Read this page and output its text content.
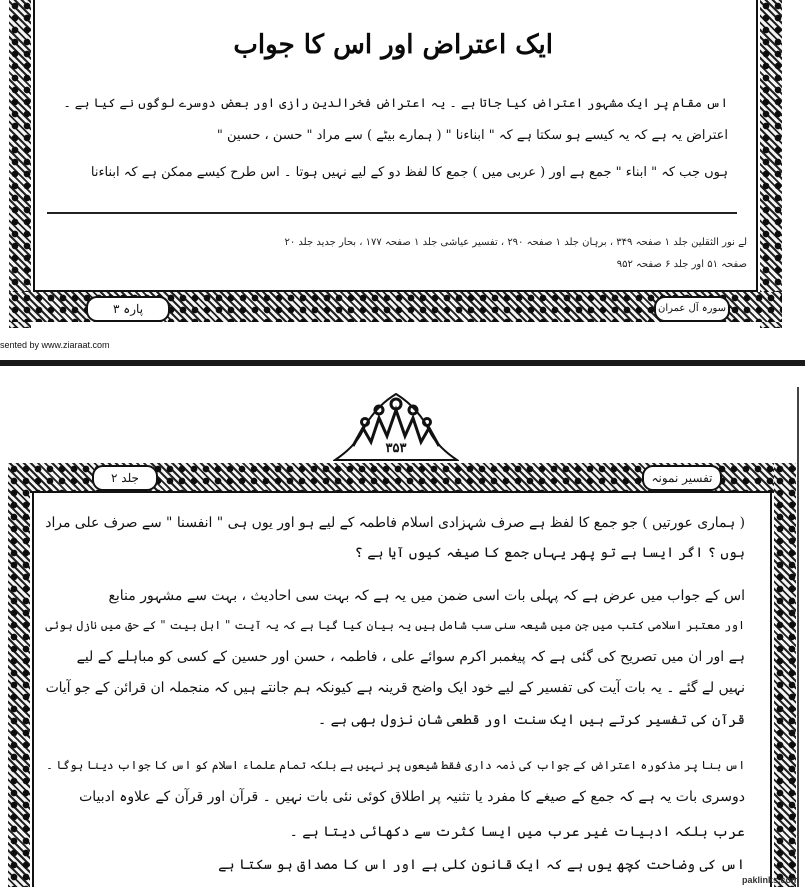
ایک اعتراض اور اس کا جواب
اس مقام پر ایک مشہور اعتراض کیا جاتا ہے ۔ یہ اعتراض فخرالدین رازی اور بعض دوسرے لوگوں نے کیا ہے ۔
اعتراض یہ ہے کہ یہ کیسے ہو سکتا ہے کہ " ابناءنا " ( ہمارے بیٹے ) سے مراد " حسن ، حسین "
ہوں جب کہ " ابناء " جمع ہے اور ( عربی میں ) جمع کا لفظ دو کے لیے نہیں ہوتا ۔ اس طرح کیسے ممکن ہے کہ ابناءنا
لے نور الثقلین جلد ۱ صفحہ ۳۴۹ ، برہان جلد ۱ صفحہ ۲۹۰ ، تفسیر عیاشی جلد ۱ صفحہ ۱۷۷ ، بحار جدید جلد ۲۰
صفحہ ۵۱ اور جلد ۶ صفحہ ۹۵۲
پارہ ۳	سورہ آل عمران
sented by www.ziaraat.com
۳۵۳
جلد ۲	تفسیر نمونہ
( ہماری عورتیں ) جو جمع کا لفظ ہے صرف شہزادی اسلام فاطمہ کے لیے ہو اور یوں ہی " انفسنا " سے صرف علی مراد
ہوں ؟ اگر ایسا ہے تو پھر یہاں جمع کا صیغہ کیوں آیا ہے ؟
اس کے جواب میں عرض ہے کہ پہلی بات اسی ضمن میں یہ ہے کہ بہت سی احادیث ، بہت سے مشہور منابع
اور معتبر اسلامی کتب میں جن میں شیعہ سنی سب شامل ہیں یہ بیان کیا گیا ہے کہ یہ آیت " اہل بیت " کے حق میں نازل ہوئی
ہے اور ان میں تصریح کی گئی ہے کہ پیغمبر اکرم سوائے علی ، فاطمہ ، حسن اور حسین کے کسی کو مباہلے کے لیے
نہیں لے گئے ۔ یہ بات آیت کی تفسیر کے لیے خود ایک واضح قرینہ ہے کیونکہ ہم جانتے ہیں کہ منجملہ ان قرائن کے جو آیات
قرآن کی تفسیر کرتے ہیں ایک سنت اور قطعی شان نزول بھی ہے ۔
اس بنا پر مذکورہ اعتراض کے جواب کی ذمہ داری فقط شیعوں پر نہیں ہے بلکہ تمام علماء اسلام کو اس کا جواب دینا ہوگا ۔
دوسری بات یہ ہے کہ جمع کے صیغے کا مفرد یا تثنیہ پر اطلاق کوئی نئی بات نہیں ۔ قرآن اور قرآن کے علاوہ ادبیات
عرب بلکہ ادبیات غیر عرب میں ایسا کثرت سے دکھائی دیتا ہے ۔
اس کی وضاحت کچھ یوں ہے کہ ایک قانون کلی ہے اور اس کا مصداق ہو سکتا ہے
paklinks.com
